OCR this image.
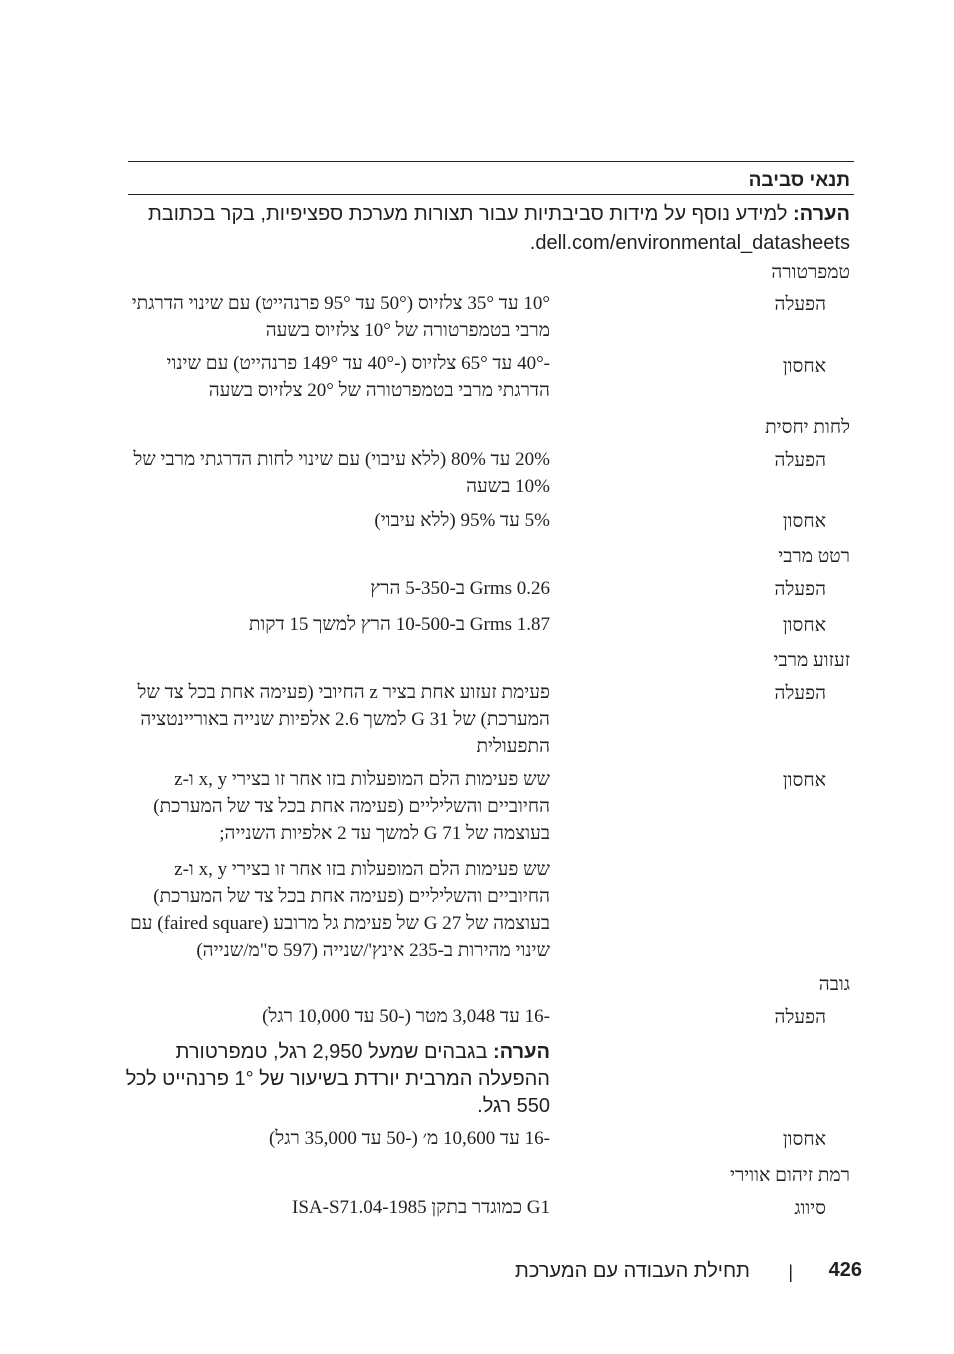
תנאי סביבה
הערה: למידע נוסף על מידות סביבתיות עבור תצורות מערכת ספציפיות, בקר בכתובת dell.com/environmental_datasheets.
טמפרטורה
הפעלה
10° עד 35° צלזיוס (50° עד 95° פרנהייט) עם שינוי הדרגתי מרבי בטמפרטורה של 10° צלזיוס בשעה
אחסון
-40° עד 65° צלזיוס (-40° עד 149° פרנהייט) עם שינוי הדרגתי מרבי בטמפרטורה של 20° צלזיוס בשעה
לחות יחסית
הפעלה
20% עד 80% (ללא עיבוי) עם שינוי לחות הדרגתי מרבי של 10% בשעה
אחסון
5% עד 95% (ללא עיבוי)
רטט מרבי
הפעלה
0.26 Grms ב-5-350 הרץ
אחסון
1.87 Grms ב-10-500 הרץ למשך 15 דקות
זעזוע מרבי
הפעלה
פעימת זעזוע אחת בציר z החיובי (פעימה אחת בכל צד של המערכת) של 31 G למשך 2.6 אלפיות שנייה באוריינטציה התפעולית
אחסון
שש פעימות הלם המופעלות בזו אחר זו בצירי x, y ו-z החיוביים והשליליים (פעימה אחת בכל צד של המערכת) בעוצמה של 71 G למשך עד 2 אלפיות השנייה;
שש פעימות הלם המופעלות בזו אחר זו בצירי x, y ו-z החיוביים והשליליים (פעימה אחת בכל צד של המערכת) בעוצמה של 27 G של פעימת גל מרובע (faired square) עם שינוי מהירות ב-235 אינץ'/שנייה (597 ס"מ/שנייה)
גובה
הפעלה
-16 עד 3,048 מטר (-50 עד 10,000 רגל)
הערה: בגבהים שמעל 2,950 רגל, טמפרטורת ההפעלה המרבית יורדת בשיעור של 1° פרנהייט לכל 550 רגל.
אחסון
-16 עד 10,600 מ׳ (-50 עד 35,000 רגל)
רמת זיהום אווירי
סיווג
G1 כמוגדר בתקן ISA-S71.04-1985
תחילת העבודה עם המערכת | 426
